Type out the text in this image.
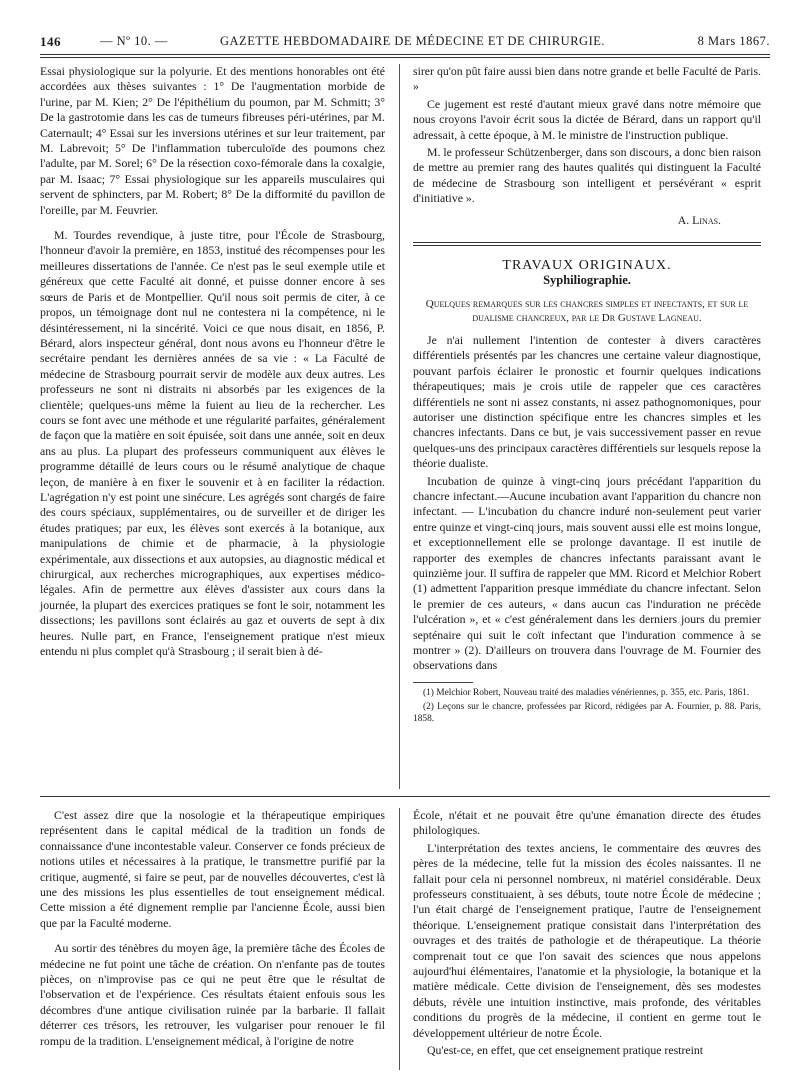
146	— Nº 10. —	GAZETTE HEBDOMADAIRE DE MÉDECINE ET DE CHIRURGIE.	8 Mars 1867.

Essai physiologique sur la polyurie. Et des mentions honorables ont été accordées aux thèses suivantes : 1° De l'augmentation morbide de l'urine, par M. Kien; 2° De l'épithélium du poumon, par M. Schmitt; 3° De la gastrotomie dans les cas de tumeurs fibreuses péri-utérines, par M. Caternault; 4° Essai sur les inversions utérines et sur leur traitement, par M. Labrevoit; 5° De l'inflammation tuberculoïde des poumons chez l'adulte, par M. Sorel; 6° De la résection coxo-fémorale dans la coxalgie, par M. Isaac; 7° Essai physiologique sur les appareils musculaires qui servent de sphincters, par M. Robert; 8° De la difformité du pavillon de l'oreille, par M. Feuvrier.

M. Tourdes revendique, à juste titre, pour l'École de Strasbourg, l'honneur d'avoir la première, en 1853, institué des récompenses pour les meilleures dissertations de l'année. Ce n'est pas le seul exemple utile et généreux que cette Faculté ait donné, et puisse donner encore à ses sœurs de Paris et de Montpellier. Qu'il nous soit permis de citer, à ce propos, un témoignage dont nul ne contestera ni la compétence, ni le désintéressement, ni la sincérité. Voici ce que nous disait, en 1856, P. Bérard, alors inspecteur général, dont nous avons eu l'honneur d'être le secrétaire pendant les dernières années de sa vie : « La Faculté de médecine de Strasbourg pourrait servir de modèle aux deux autres. Les professeurs ne sont ni distraits ni absorbés par les exigences de la clientèle; quelques-uns même la fuient au lieu de la rechercher. Les cours se font avec une méthode et une régularité parfaites, généralement de façon que la matière en soit épuisée, soit dans une année, soit en deux ans au plus. La plupart des professeurs communiquent aux élèves le programme détaillé de leurs cours ou le résumé analytique de chaque leçon, de manière à en fixer le souvenir et à en faciliter la rédaction. L'agrégation n'y est point une sinécure. Les agrégés sont chargés de faire des cours spéciaux, supplémentaires, ou de surveiller et de diriger les études pratiques; par eux, les élèves sont exercés à la botanique, aux manipulations de chimie et de pharmacie, à la physiologie expérimentale, aux dissections et aux autopsies, au diagnostic médical et chirurgical, aux recherches micrographiques, aux expertises médico-légales. Afin de permettre aux élèves d'assister aux cours dans la journée, la plupart des exercices pratiques se font le soir, notamment les dissections; les pavillons sont éclairés au gaz et ouverts de sept à dix heures. Nulle part, en France, l'enseignement pratique n'est mieux entendu ni plus complet qu'à Strasbourg ; il serait bien à dé-

sirer qu'on pût faire aussi bien dans notre grande et belle Faculté de Paris. »

Ce jugement est resté d'autant mieux gravé dans notre mémoire que nous croyons l'avoir écrit sous la dictée de Bérard, dans un rapport qu'il adressait, à cette époque, à M. le ministre de l'instruction publique.

M. le professeur Schützenberger, dans son discours, a donc bien raison de mettre au premier rang des hautes qualités qui distinguent la Faculté de médecine de Strasbourg son intelligent et persévérant « esprit d'initiative ».

A. Linas.
TRAVAUX ORIGINAUX.
Syphiliographie.
Quelques remarques sur les chancres simples et infectants, et sur le dualisme chancreux, par le Dr Gustave Lagneau.

Je n'ai nullement l'intention de contester à divers caractères différentiels présentés par les chancres une certaine valeur diagnostique, pouvant parfois éclairer le pronostic et fournir quelques indications thérapeutiques; mais je crois utile de rappeler que ces caractères différentiels ne sont ni assez constants, ni assez pathognomoniques, pour autoriser une distinction spécifique entre les chancres simples et les chancres infectants. Dans ce but, je vais successivement passer en revue quelques-uns des principaux caractères différentiels sur lesquels repose la théorie dualiste.

Incubation de quinze à vingt-cinq jours précédant l'apparition du chancre infectant.—Aucune incubation avant l'apparition du chancre non infectant. — L'incubation du chancre induré non-seulement peut varier entre quinze et vingt-cinq jours, mais souvent aussi elle est moins longue, et exceptionnellement elle se prolonge davantage. Il est inutile de rapporter des exemples de chancres infectants paraissant avant le quinzième jour. Il suffira de rappeler que MM. Ricord et Melchior Robert (1) admettent l'apparition presque immédiate du chancre infectant. Selon le premier de ces auteurs, « dans aucun cas l'induration ne précède l'ulcération », et « c'est généralement dans les derniers jours du premier septénaire qui suit le coït infectant que l'induration commence à se montrer » (2). D'ailleurs on trouvera dans l'ouvrage de M. Fournier des observations dans

(1) Melchior Robert, Nouveau traité des maladies vénériennes, p. 355, etc. Paris, 1861.

(2) Leçons sur le chancre, professées par Ricord, rédigées par A. Fournier, p. 88. Paris, 1858.

C'est assez dire que la nosologie et la thérapeutique empiriques représentent dans le capital médical de la tradition un fonds de connaissance d'une incontestable valeur. Conserver ce fonds précieux de notions utiles et nécessaires à la pratique, le transmettre purifié par la critique, augmenté, si faire se peut, par de nouvelles découvertes, c'est là une des missions les plus essentielles de tout enseignement médical. Cette mission a été dignement remplie par l'ancienne École, aussi bien que par la Faculté moderne.

Au sortir des ténèbres du moyen âge, la première tâche des Écoles de médecine ne fut point une tâche de création. On n'enfante pas de toutes pièces, on n'improvise pas ce qui ne peut être que le résultat de l'observation et de l'expérience. Ces résultats étaient enfouis sous les décombres d'une antique civilisation ruinée par la barbarie. Il fallait déterrer ces trésors, les retrouver, les vulgariser pour renouer le fil rompu de la tradition. L'enseignement médical, à l'origine de notre

École, n'était et ne pouvait être qu'une émanation directe des études philologiques.

L'interprétation des textes anciens, le commentaire des œuvres des pères de la médecine, telle fut la mission des écoles naissantes. Il ne fallait pour cela ni personnel nombreux, ni matériel considérable. Deux professeurs constituaient, à ses débuts, toute notre École de médecine ; l'un était chargé de l'enseignement pratique, l'autre de l'enseignement théorique. L'enseignement pratique consistait dans l'interprétation des ouvrages et des traités de pathologie et de thérapeutique. La théorie comprenait tout ce que l'on savait des sciences que nous appelons aujourd'hui élémentaires, l'anatomie et la physiologie, la botanique et la matière médicale. Cette division de l'enseignement, dès ses modestes débuts, révèle une intuition instinctive, mais profonde, des véritables conditions du progrès de la médecine, il contient en germe tout le développement ultérieur de notre École.

Qu'est-ce, en effet, que cet enseignement pratique restreint
